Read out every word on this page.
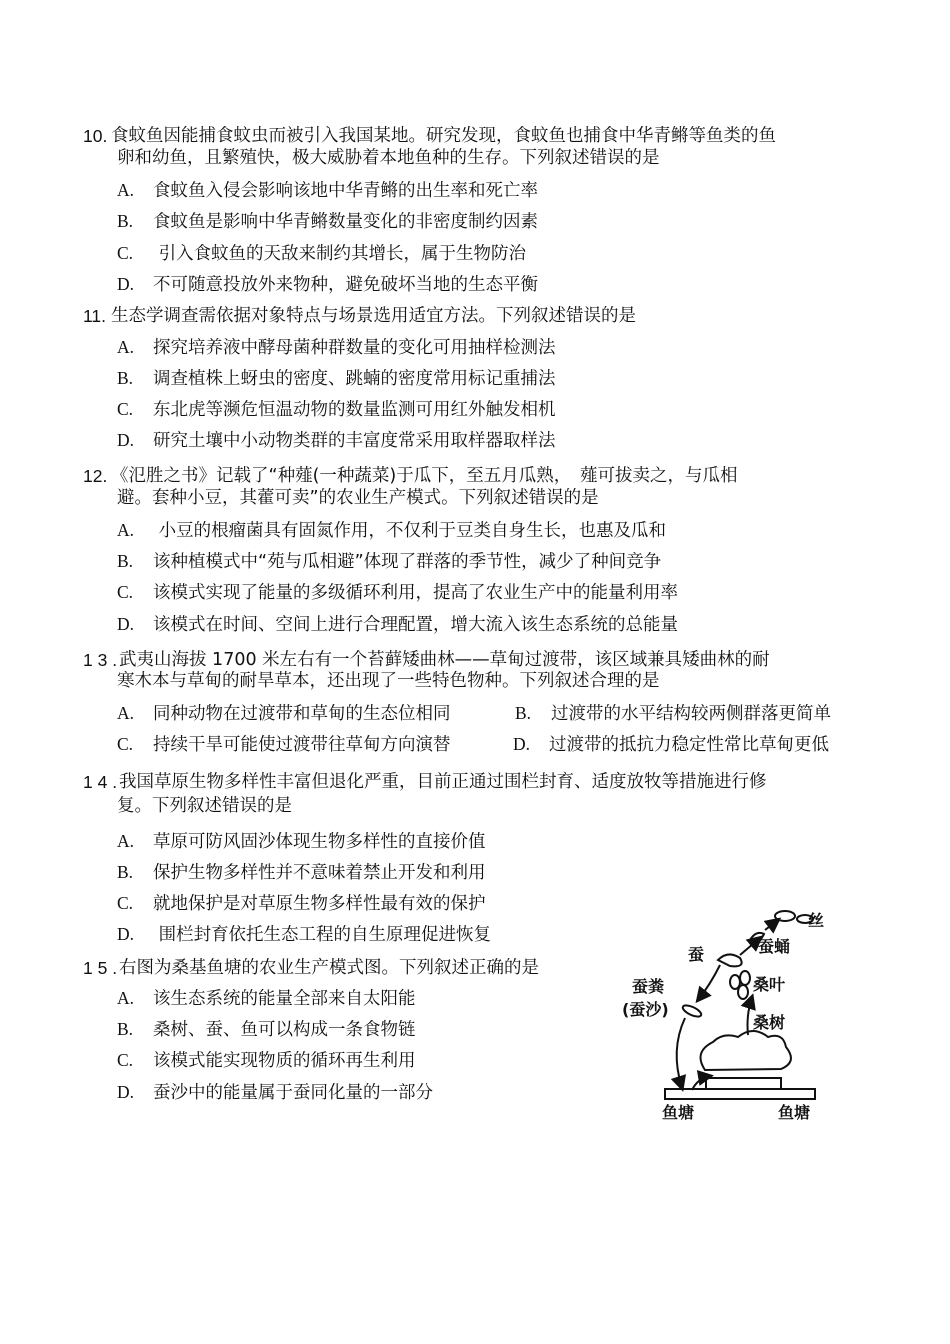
10. 食蚊鱼因能捕食蚊虫而被引入我国某地。研究发现，食蚊鱼也捕食中华青鳉等鱼类的鱼
卵和幼鱼，且繁殖快，极大威胁着本地鱼种的生存。下列叙述错误的是
A. 食蚊鱼入侵会影响该地中华青鳉的出生率和死亡率
B. 食蚊鱼是影响中华青鳉数量变化的非密度制约因素
C. 引入食蚊鱼的天敌来制约其增长，属于生物防治
D. 不可随意投放外来物种，避免破坏当地的生态平衡
11. 生态学调查需依据对象特点与场景选用适宜方法。下列叙述错误的是
A. 探究培养液中酵母菌种群数量的变化可用抽样检测法
B. 调查植株上蚜虫的密度、跳蝻的密度常用标记重捕法
C. 东北虎等濒危恒温动物的数量监测可用红外触发相机
D. 研究土壤中小动物类群的丰富度常采用取样器取样法
12. 《氾胜之书》记载了“种薤(一种蔬菜)于瓜下，至五月瓜熟，　薤可拔卖之，与瓜相
避。套种小豆，其藿可卖”的农业生产模式。下列叙述错误的是
A. 小豆的根瘤菌具有固氮作用，不仅利于豆类自身生长，也惠及瓜和
B. 该种植模式中“苑与瓜相避”体现了群落的季节性，减少了种间竞争
C. 该模式实现了能量的多级循环利用，提高了农业生产中的能量利用率
D. 该模式在时间、空间上进行合理配置，增大流入该生态系统的总能量
1 3 . 武夷山海拔 1700 米左右有一个苔藓矮曲林——草甸过渡带，该区域兼具矮曲林的耐
寒木本与草甸的耐旱草本，还出现了一些特色物种。下列叙述合理的是
A. 同种动物在过渡带和草甸的生态位相同	B. 过渡带的水平结构较两侧群落更简单
C. 持续干旱可能使过渡带往草甸方向演替	D. 过渡带的抵抗力稳定性常比草甸更低
1 4 . 我国草原生物多样性丰富但退化严重，目前正通过围栏封育、适度放牧等措施进行修
复。下列叙述错误的是
A. 草原可防风固沙体现生物多样性的直接价值
B. 保护生物多样性并不意味着禁止开发和利用
C. 就地保护是对草原生物多样性最有效的保护
D. 围栏封育依托生态工程的自生原理促进恢复
1 5 . 右图为桑基鱼塘的农业生产模式图。下列叙述正确的是
A. 该生态系统的能量全部来自太阳能
B. 桑树、蚕、鱼可以构成一条食物链
C. 该模式能实现物质的循环再生利用
D. 蚕沙中的能量属于蚕同化量的一部分
丝
蚕蛹
蚕
桑叶
蚕粪
(蚕沙)
桑树
鱼塘	鱼塘
